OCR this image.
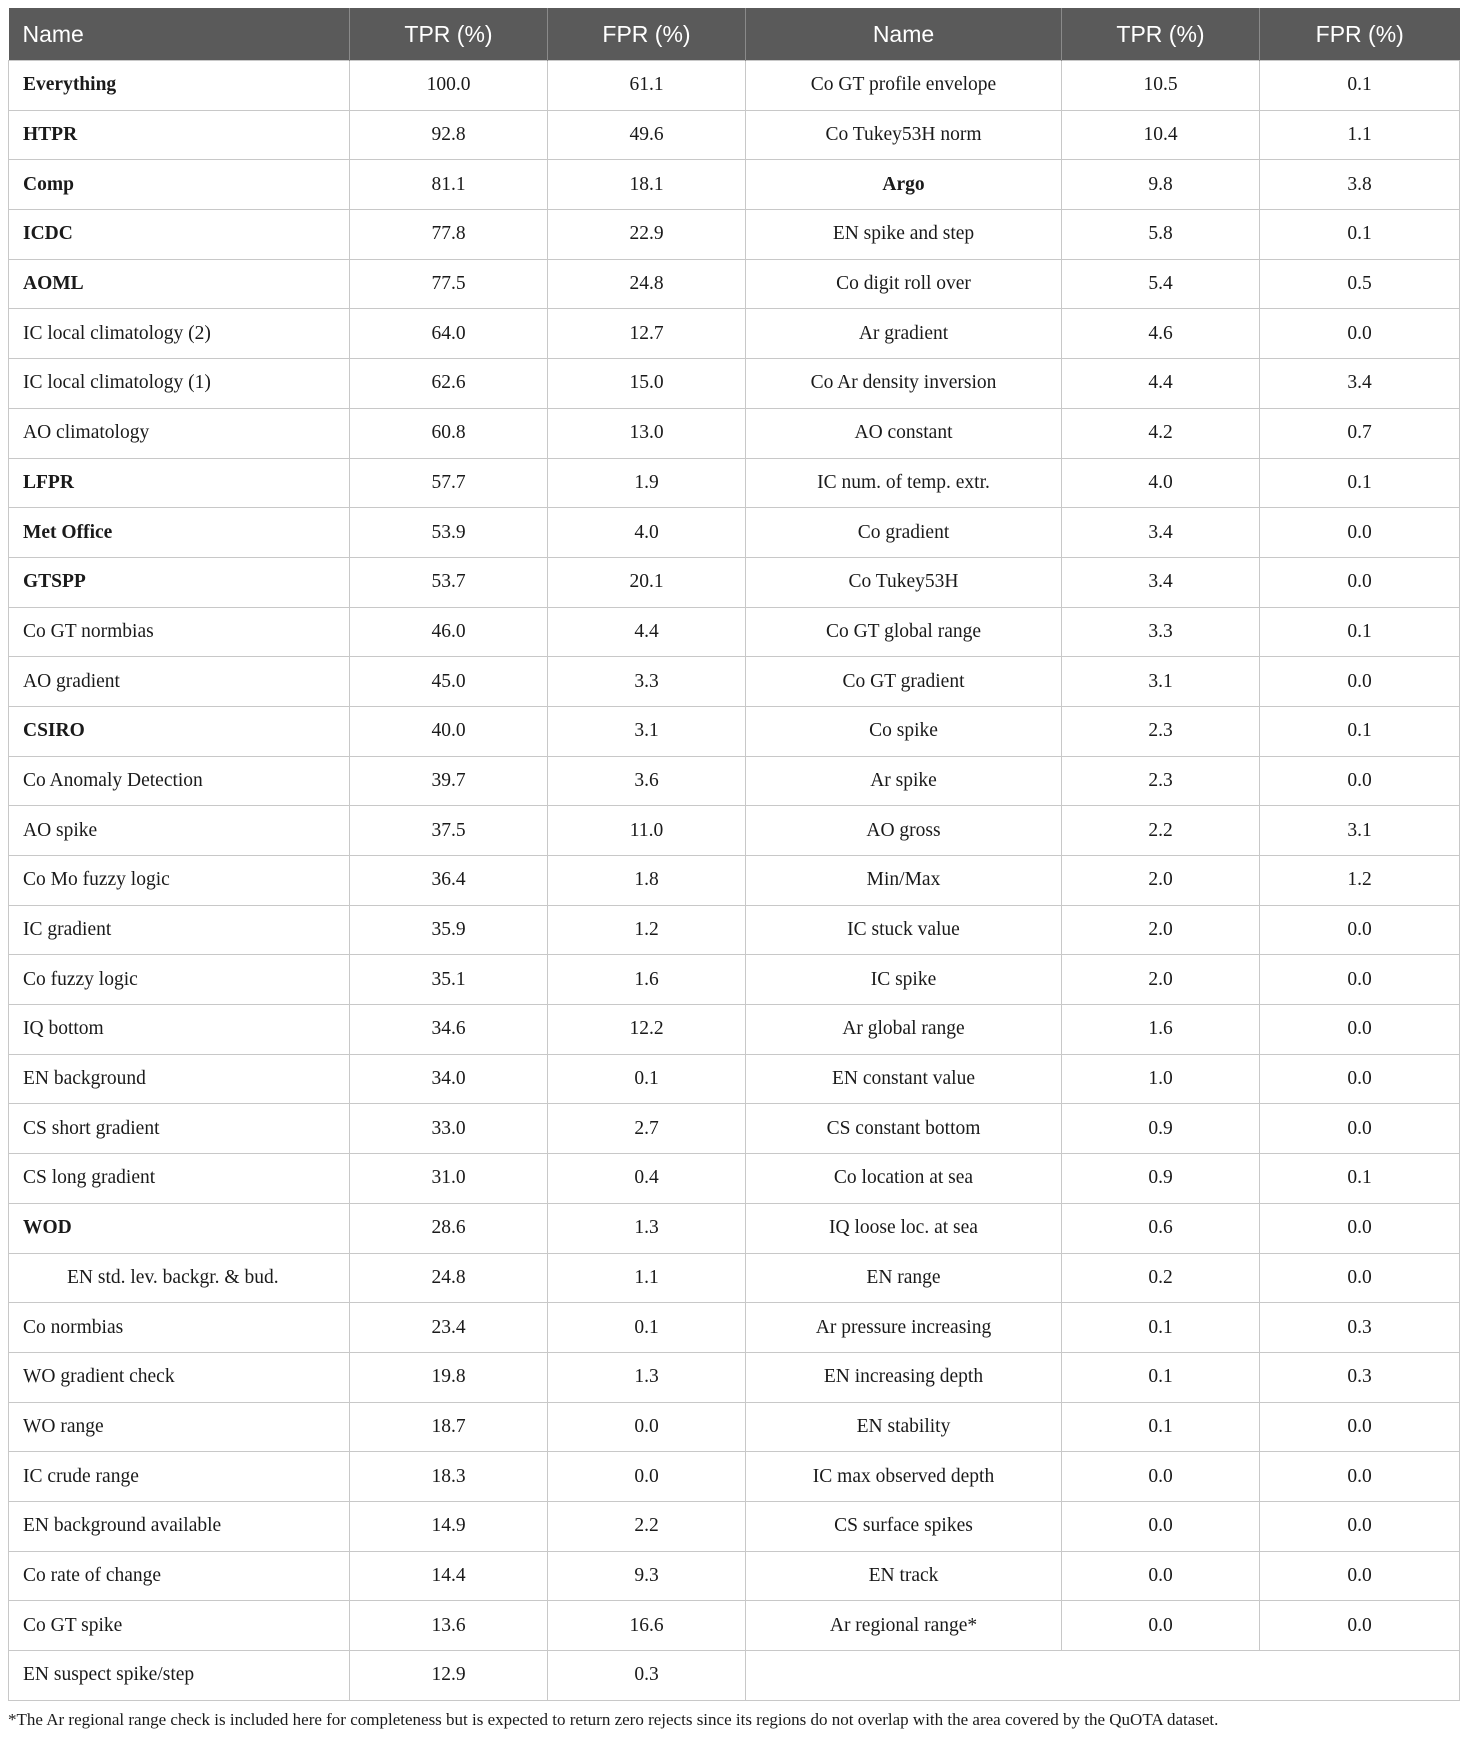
Name	TPR (%)	FPR (%)	Name	TPR (%)	FPR (%)
Everything	100.0	61.1	Co GT profile envelope	10.5	0.1
HTPR	92.8	49.6	Co Tukey53H norm	10.4	1.1
Comp	81.1	18.1	Argo	9.8	3.8
ICDC	77.8	22.9	EN spike and step	5.8	0.1
AOML	77.5	24.8	Co digit roll over	5.4	0.5
IC local climatology (2)	64.0	12.7	Ar gradient	4.6	0.0
IC local climatology (1)	62.6	15.0	Co Ar density inversion	4.4	3.4
AO climatology	60.8	13.0	AO constant	4.2	0.7
LFPR	57.7	1.9	IC num. of temp. extr.	4.0	0.1
Met Office	53.9	4.0	Co gradient	3.4	0.0
GTSPP	53.7	20.1	Co Tukey53H	3.4	0.0
Co GT normbias	46.0	4.4	Co GT global range	3.3	0.1
AO gradient	45.0	3.3	Co GT gradient	3.1	0.0
CSIRO	40.0	3.1	Co spike	2.3	0.1
Co Anomaly Detection	39.7	3.6	Ar spike	2.3	0.0
AO spike	37.5	11.0	AO gross	2.2	3.1
Co Mo fuzzy logic	36.4	1.8	Min/Max	2.0	1.2
IC gradient	35.9	1.2	IC stuck value	2.0	0.0
Co fuzzy logic	35.1	1.6	IC spike	2.0	0.0
IQ bottom	34.6	12.2	Ar global range	1.6	0.0
EN background	34.0	0.1	EN constant value	1.0	0.0
CS short gradient	33.0	2.7	CS constant bottom	0.9	0.0
CS long gradient	31.0	0.4	Co location at sea	0.9	0.1
WOD	28.6	1.3	IQ loose loc. at sea	0.6	0.0
EN std. lev. backgr. & bud.	24.8	1.1	EN range	0.2	0.0
Co normbias	23.4	0.1	Ar pressure increasing	0.1	0.3
WO gradient check	19.8	1.3	EN increasing depth	0.1	0.3
WO range	18.7	0.0	EN stability	0.1	0.0
IC crude range	18.3	0.0	IC max observed depth	0.0	0.0
EN background available	14.9	2.2	CS surface spikes	0.0	0.0
Co rate of change	14.4	9.3	EN track	0.0	0.0
Co GT spike	13.6	16.6	Ar regional range*	0.0	0.0
EN suspect spike/step	12.9	0.3			
*The Ar regional range check is included here for completeness but is expected to return zero rejects since its regions do not overlap with the area covered by the QuOTA dataset.
